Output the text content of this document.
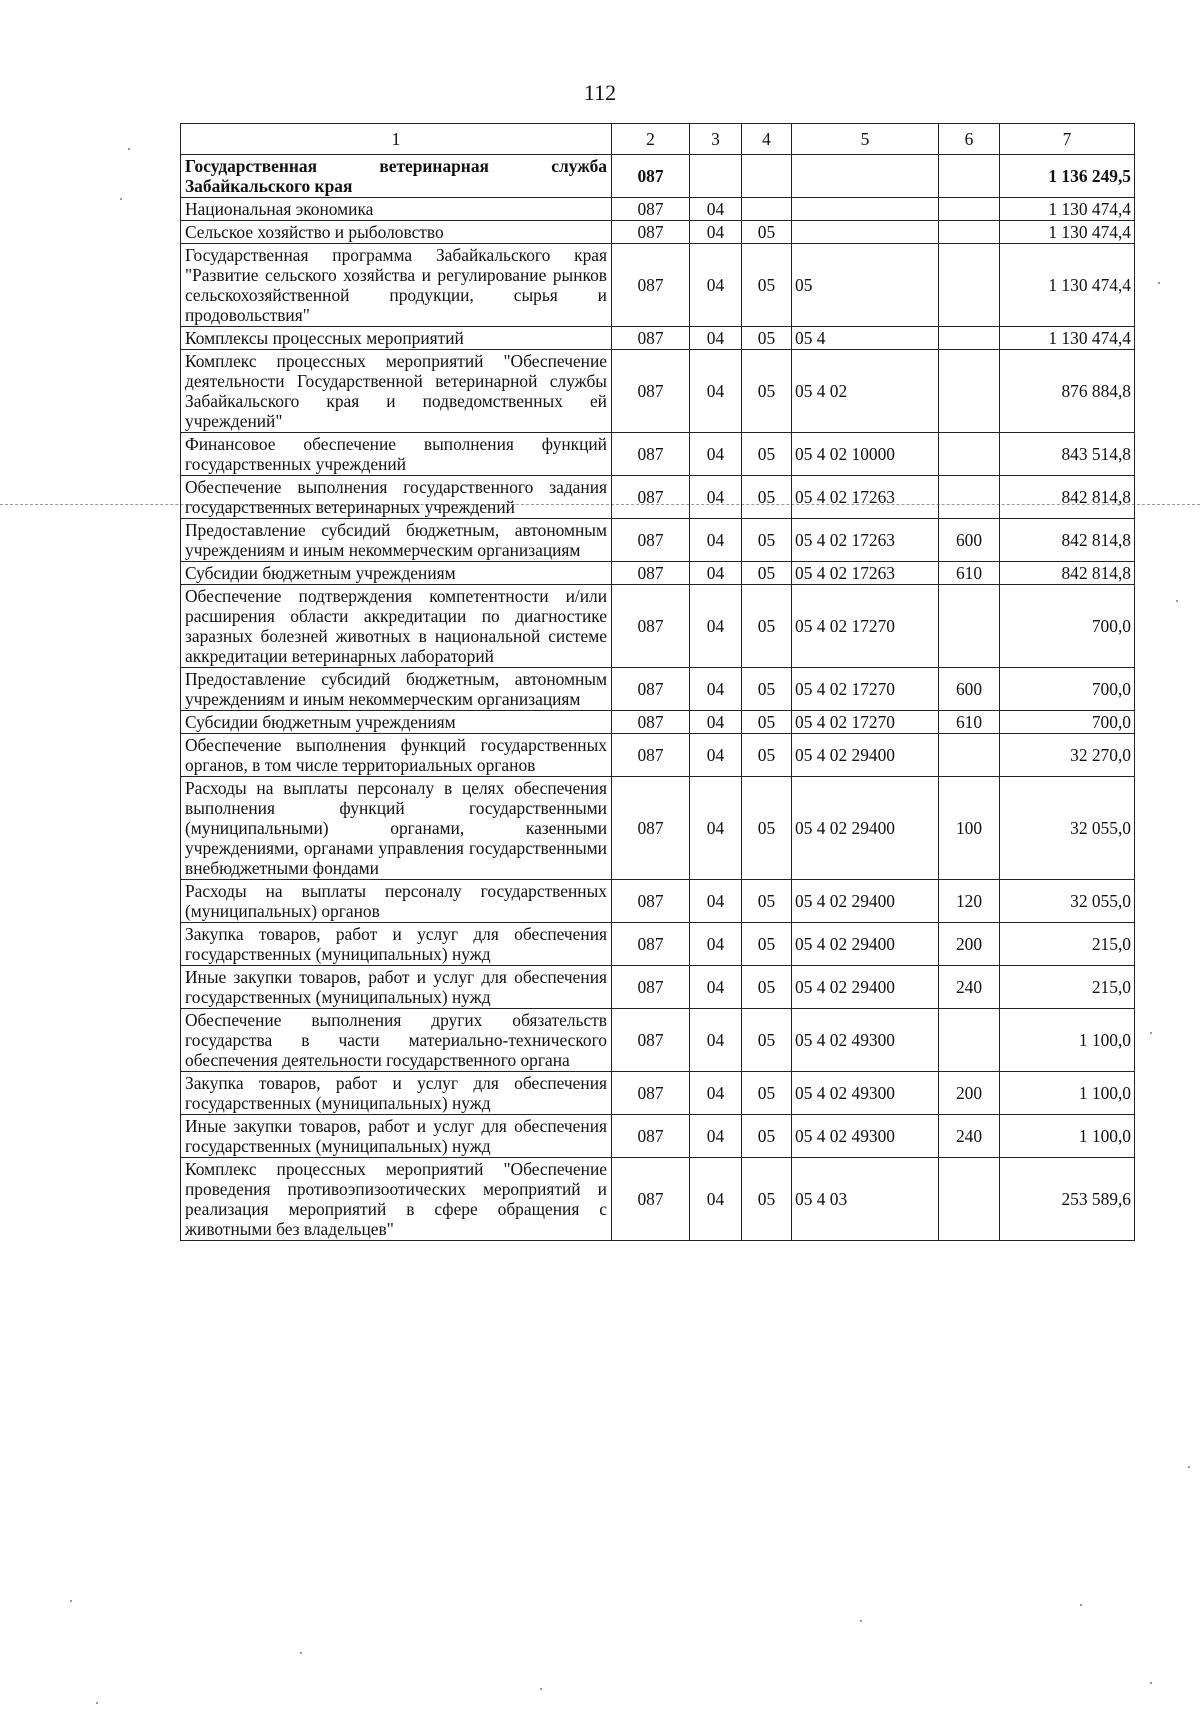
112
1	2	3	4	5	6	7
Государственная ветеринарная служба Забайкальского края	087					1 136 249,5
Национальная экономика	087	04				1 130 474,4
Сельское хозяйство и рыболовство	087	04	05			1 130 474,4
Государственная программа Забайкальского края "Развитие сельского хозяйства и регулирование рынков сельскохозяйственной продукции, сырья и продовольствия"	087	04	05	05		1 130 474,4
Комплексы процессных мероприятий	087	04	05	05 4		1 130 474,4
Комплекс процессных мероприятий "Обеспечение деятельности Государственной ветеринарной службы Забайкальского края и подведомственных ей учреждений"	087	04	05	05 4 02		876 884,8
Финансовое обеспечение выполнения функций государственных учреждений	087	04	05	05 4 02 10000		843 514,8
Обеспечение выполнения государственного задания государственных ветеринарных учреждений	087	04	05	05 4 02 17263		842 814,8
Предоставление субсидий бюджетным, автономным учреждениям и иным некоммерческим организациям	087	04	05	05 4 02 17263	600	842 814,8
Субсидии бюджетным учреждениям	087	04	05	05 4 02 17263	610	842 814,8
Обеспечение подтверждения компетентности и/или расширения области аккредитации по диагностике заразных болезней животных в национальной системе аккредитации ветеринарных лабораторий	087	04	05	05 4 02 17270		700,0
Предоставление субсидий бюджетным, автономным учреждениям и иным некоммерческим организациям	087	04	05	05 4 02 17270	600	700,0
Субсидии бюджетным учреждениям	087	04	05	05 4 02 17270	610	700,0
Обеспечение выполнения функций государственных органов, в том числе территориальных органов	087	04	05	05 4 02 29400		32 270,0
Расходы на выплаты персоналу в целях обеспечения выполнения функций государственными (муниципальными) органами, казенными учреждениями, органами управления государственными внебюджетными фондами	087	04	05	05 4 02 29400	100	32 055,0
Расходы на выплаты персоналу государственных (муниципальных) органов	087	04	05	05 4 02 29400	120	32 055,0
Закупка товаров, работ и услуг для обеспечения государственных (муниципальных) нужд	087	04	05	05 4 02 29400	200	215,0
Иные закупки товаров, работ и услуг для обеспечения государственных (муниципальных) нужд	087	04	05	05 4 02 29400	240	215,0
Обеспечение выполнения других обязательств государства в части материально-технического обеспечения деятельности государственного органа	087	04	05	05 4 02 49300		1 100,0
Закупка товаров, работ и услуг для обеспечения государственных (муниципальных) нужд	087	04	05	05 4 02 49300	200	1 100,0
Иные закупки товаров, работ и услуг для обеспечения государственных (муниципальных) нужд	087	04	05	05 4 02 49300	240	1 100,0
Комплекс процессных мероприятий "Обеспечение проведения противоэпизоотических мероприятий и реализация мероприятий в сфере обращения с животными без владельцев"	087	04	05	05 4 03		253 589,6
